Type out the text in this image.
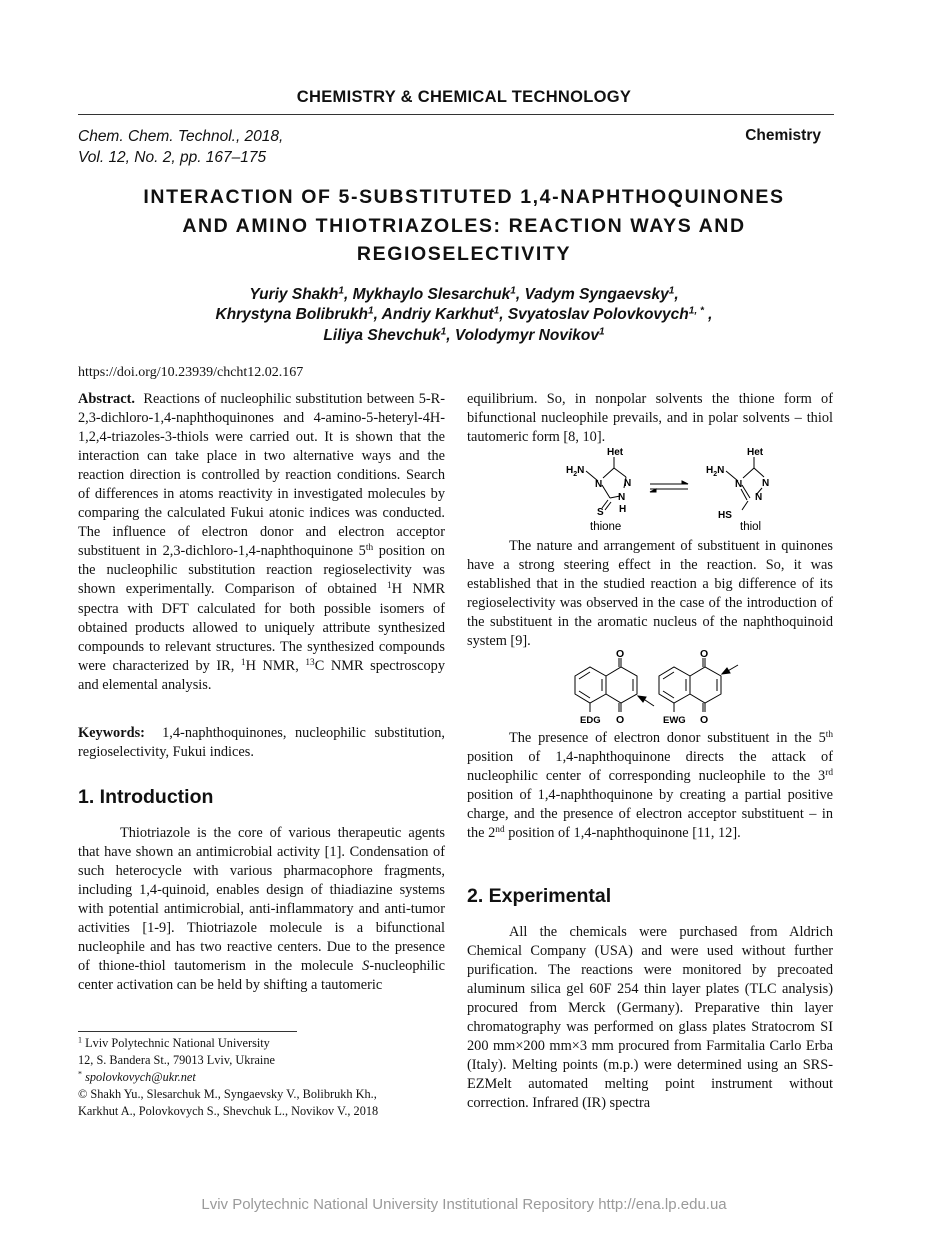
CHEMISTRY & CHEMICAL TECHNOLOGY
Chem. Chem. Technol., 2018,
Vol. 12, No. 2, pp. 167–175
Chemistry
INTERACTION OF 5-SUBSTITUTED 1,4-NAPHTHOQUINONES
AND AMINO THIOTRIAZOLES: REACTION WAYS AND
REGIOSELECTIVITY
Yuriy Shakh$^1$, Mykhaylo Slesarchuk$^1$, Vadym Syngaevsky$^1$,
Khrystyna Bolibrukh$^1$, Andriy Karkhut$^1$, Svyatoslav Polovkovych$^{1, *}$ ,
Liliya Shevchuk$^1$, Volodymyr Novikov$^1$
https://doi.org/10.23939/chcht12.02.167

Abstract. Reactions of nucleophilic substitution between 5-R-2,3-dichloro-1,4-naphthoquinones and 4-amino-5-heteryl-4H-1,2,4-triazoles-3-thiols were carried out. It is shown that the interaction can take place in two alternative ways and the reaction direction is controlled by reaction conditions. Search of differences in atoms reactivity in investigated molecules by comparing the calculated Fukui atonic indices was conducted. The influence of electron donor and electron acceptor substituent in 2,3-dichloro-1,4-naphthoquinone 5th position on the nucleophilic substitution reaction regioselectivity was shown experimentally. Comparison of obtained $^1$H NMR spectra with DFT calculated for both possible isomers of obtained products allowed to uniquely attribute synthesized compounds to relevant structures. The synthesized compounds were characterized by IR, $^1$H NMR, $^{13}$C NMR spectroscopy and elemental analysis.

Keywords: 1,4-naphthoquinones, nucleophilic substitution, regioselectivity, Fukui indices.

1. Introduction

Thiotriazole is the core of various therapeutic agents that have shown an antimicrobial activity [1]. Condensation of such heterocycle with various pharmacophore fragments, including 1,4-quinoid, enables design of thiadiazine systems with potential antimicrobial, anti-inflammatory and anti-tumor activities [1-9]. Thiotriazole molecule is a bifunctional nucleophile and has two reactive centers. Due to the presence of thione-thiol tautomerism in the molecule S-nucleophilic center activation can be held by shifting a tautomeric

$^1$ Lviv Polytechnic National University

12, S. Bandera St., 79013 Lviv, Ukraine

* spolovkovych@ukr.net

© Shakh Yu., Slesarchuk M., Syngaevsky V., Bolibrukh Kh.,

Karkhut A., Polovkovych S., Shevchuk L., Novikov V., 2018

equilibrium. So, in nonpolar solvents the thione form of bifunctional nucleophile prevails, and in polar solvents – thiol tautomeric form [8, 10].

Het
$H_2N$
N N
N
H
S
thione
Het
$H_2N$
N N
N
HS
thiol

The nature and arrangement of substituent in quinones have a strong steering effect in the reaction. So, it was established that in the studied reaction a big difference of its regioselectivity was observed in the case of the introduction of the substituent in the aromatic nucleus of the naphthoquinoid system [9].

O
O
EDG
O
O
EWG

The presence of electron donor substituent in the 5th position of 1,4-naphthoquinone directs the attack of nucleophilic center of corresponding nucleophile to the 3rd position of 1,4-naphthoquinone by creating a partial positive charge, and the presence of electron acceptor substituent – in the 2nd position of 1,4-naphthoquinone [11, 12].

2. Experimental

All the chemicals were purchased from Aldrich Chemical Company (USA) and were used without further purification. The reactions were monitored by precoated aluminum silica gel 60F 254 thin layer plates (TLC analysis) procured from Merck (Germany). Preparative thin layer chromatography was performed on glass plates Stratocrom SI 200 mm×200 mm×3 mm procured from Farmitalia Carlo Erba (Italy). Melting points (m.p.) were determined using an SRS-EZMelt automated melting point instrument without correction. Infrared (IR) spectra

Lviv Polytechnic National University Institutional Repository http://ena.lp.edu.ua
